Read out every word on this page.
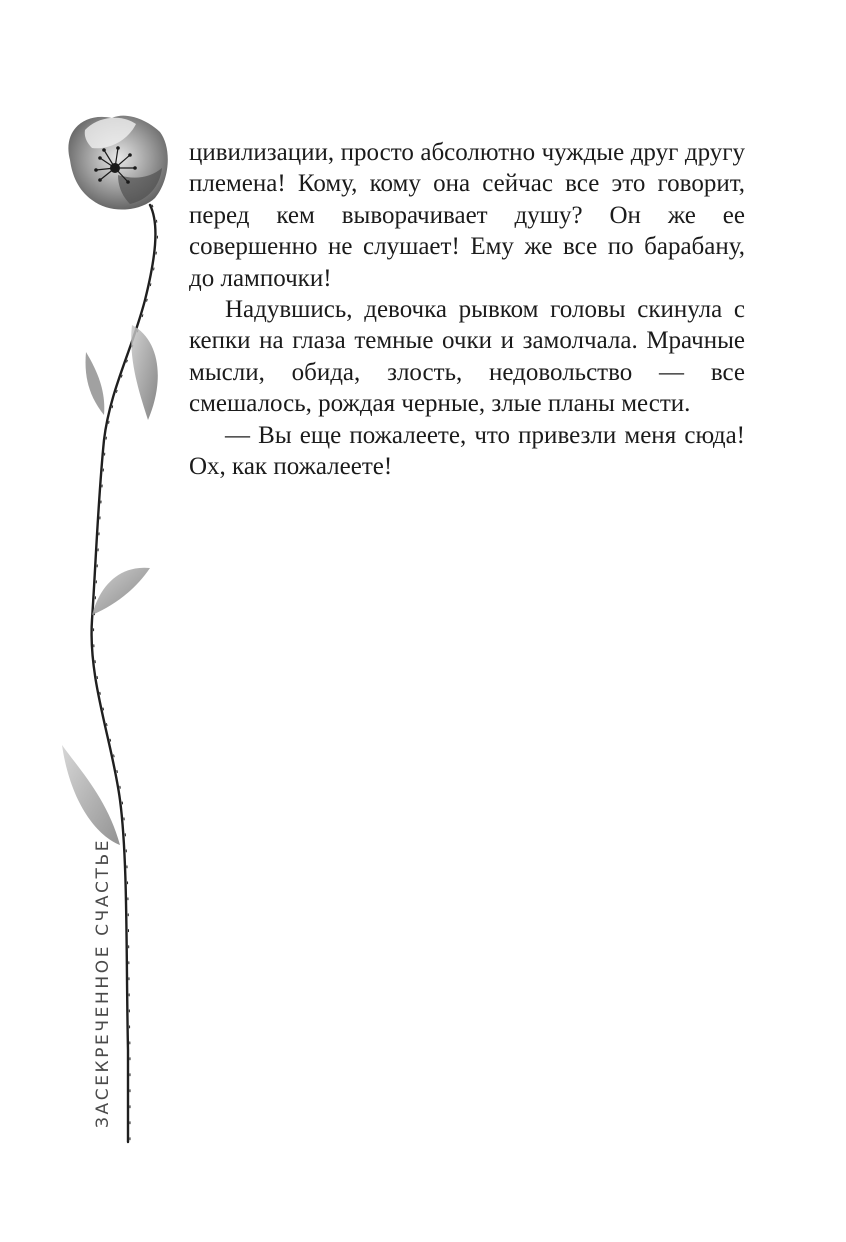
цивилизации, просто абсолютно чуждые друг другу племена! Кому, кому она сейчас все это говорит, перед кем выворачивает душу? Он же ее совершенно не слушает! Ему же все по барабану, до лампочки!

Надувшись, девочка рывком головы скинула с кепки на глаза темные очки и замолчала. Мрачные мысли, обида, злость, недовольство — все смешалось, рождая черные, злые планы мести.

— Вы еще пожалеете, что привезли меня сюда! Ох, как пожалеете!

ЗАСЕКРЕЧЕННОЕ СЧАСТЬЕ
